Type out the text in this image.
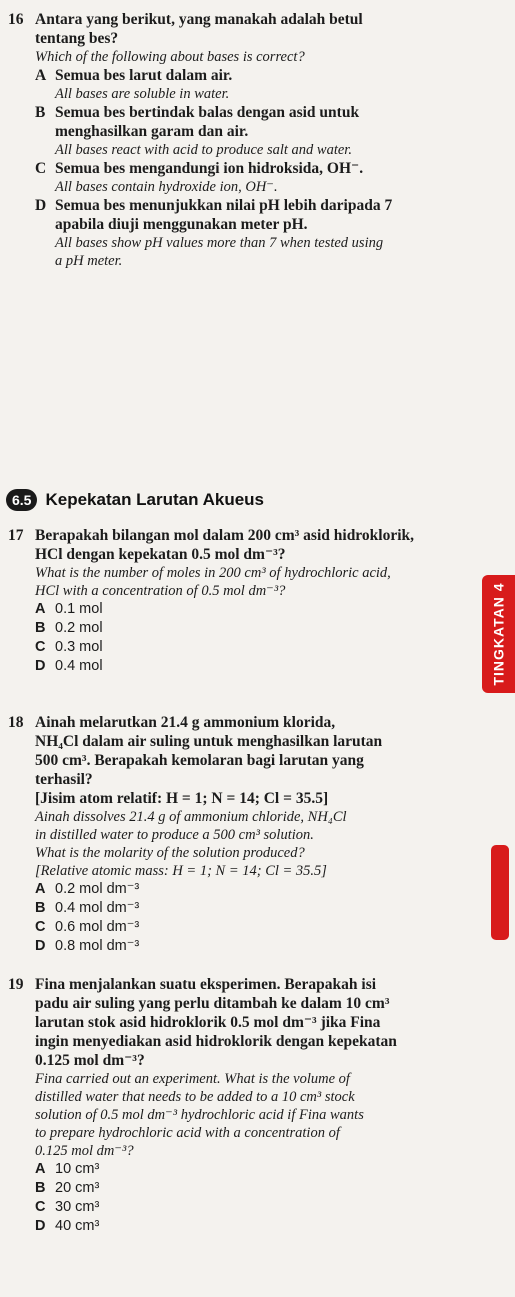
16 Antara yang berikut, yang manakah adalah betul
tentang bes?
Which of the following about bases is correct?
A Semua bes larut dalam air.
All bases are soluble in water.
B Semua bes bertindak balas dengan asid untuk
menghasilkan garam dan air.
All bases react with acid to produce salt and water.
C Semua bes mengandungi ion hidroksida, OH⁻.
All bases contain hydroxide ion, OH⁻.
D Semua bes menunjukkan nilai pH lebih daripada 7
apabila diuji menggunakan meter pH.
All bases show pH values more than 7 when tested using
a pH meter.
6.5 Kepekatan Larutan Akueus
17 Berapakah bilangan mol dalam 200 cm³ asid hidroklorik,
HCl dengan kepekatan 0.5 mol dm⁻³?
What is the number of moles in 200 cm³ of hydrochloric acid,
HCl with a concentration of 0.5 mol dm⁻³?
A 0.1 mol
B 0.2 mol
C 0.3 mol
D 0.4 mol	TINGKATAN 4
18 Ainah melarutkan 21.4 g ammonium klorida,
NH₄Cl dalam air suling untuk menghasilkan larutan
500 cm³. Berapakah kemolaran bagi larutan yang
terhasil?
[Jisim atom relatif: H = 1; N = 14; Cl = 35.5]
Ainah dissolves 21.4 g of ammonium chloride, NH₄Cl
in distilled water to produce a 500 cm³ solution.
What is the molarity of the solution produced?
[Relative atomic mass: H = 1; N = 14; Cl = 35.5]
A 0.2 mol dm⁻³
B 0.4 mol dm⁻³
C 0.6 mol dm⁻³
D 0.8 mol dm⁻³
19 Fina menjalankan suatu eksperimen. Berapakah isi
padu air suling yang perlu ditambah ke dalam 10 cm³
larutan stok asid hidroklorik 0.5 mol dm⁻³ jika Fina
ingin menyediakan asid hidroklorik dengan kepekatan
0.125 mol dm⁻³?
Fina carried out an experiment. What is the volume of
distilled water that needs to be added to a 10 cm³ stock
solution of 0.5 mol dm⁻³ hydrochloric acid if Fina wants
to prepare hydrochloric acid with a concentration of
0.125 mol dm⁻³?
A 10 cm³
B 20 cm³
C 30 cm³
D 40 cm³
